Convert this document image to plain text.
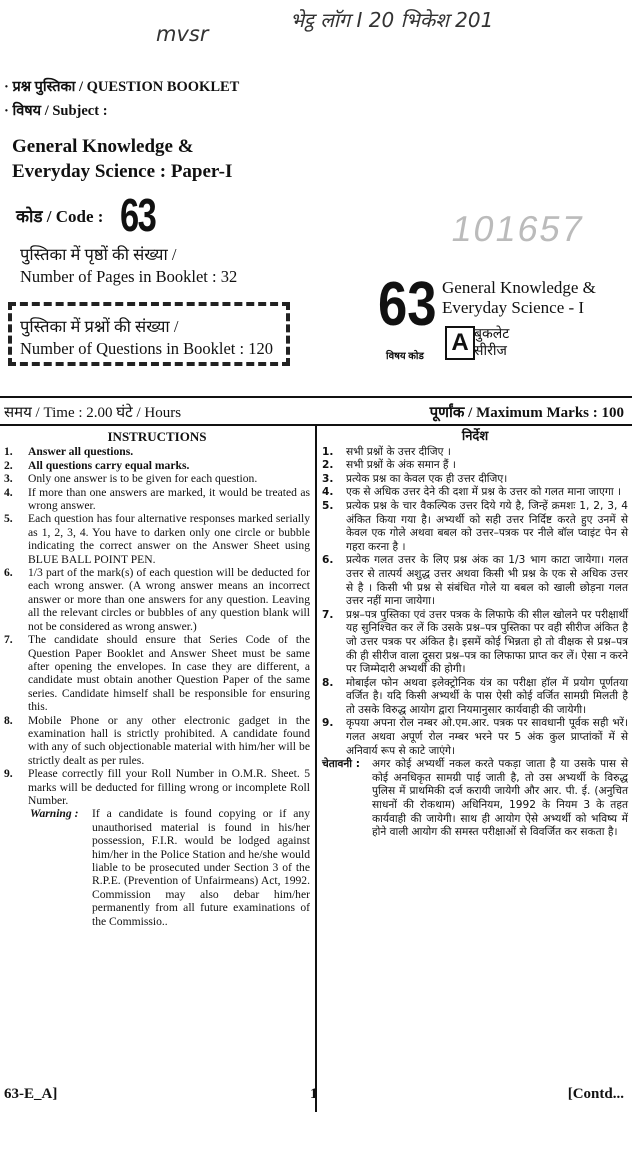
mvsr
भेट्ठ लाॅग I 20 भिकेश 201
· प्रश्न पुस्तिका / QUESTION BOOKLET
· विषय / Subject :
General Knowledge &
Everyday Science : Paper-I
कोड / Code : 63
पुस्तिका में पृष्ठों की संख्या /
Number of Pages in Booklet : 32
पुस्तिका में प्रश्नों की संख्या /
Number of Questions in Booklet : 120
101657
63 General Knowledge &
Everyday Science - I
विषय कोड
A बुकलेट
सीरीज
समय / Time : 2.00 घंटे / Hours	पूर्णांक / Maximum Marks : 100
INSTRUCTIONS
1.	Answer all questions.
2.	All questions carry equal marks.
3.	Only one answer is to be given for each question.
4.	If more than one answers are marked, it would be treated as wrong answer.
5.	Each question has four alternative responses marked serially as 1, 2, 3, 4. You have to darken only one circle or bubble indicating the correct answer on the Answer Sheet using BLUE BALL POINT PEN.
6.	1/3 part of the mark(s) of each question will be deducted for each wrong answer. (A wrong answer means an incorrect answer or more than one answers for any question. Leaving all the relevant circles or bubbles of any question blank will not be considered as wrong answer.)
7.	The candidate should ensure that Series Code of the Question Paper Booklet and Answer Sheet must be same after opening the envelopes. In case they are different, a candidate must obtain another Question Paper of the same series. Candidate himself shall be responsible for ensuring this.
8.	Mobile Phone or any other electronic gadget in the examination hall is strictly prohibited. A candidate found with any of such objectionable material with him/her will be strictly dealt as per rules.
9.	Please correctly fill your Roll Number in O.M.R. Sheet. 5 marks will be deducted for filling wrong or incomplete Roll Number.
Warning :	If a candidate is found copying or if any unauthorised material is found in his/her possession, F.I.R. would be lodged against him/her in the Police Station and he/she would liable to be prosecuted under Section 3 of the R.P.E. (Prevention of Unfairmeans) Act, 1992. Commission may also debar him/her permanently from all future examinations of the Commissio..
निर्देश
1.	सभी प्रश्नों के उत्तर दीजिए ।
2.	सभी प्रश्नों के अंक समान हैं ।
3.	प्रत्येक प्रश्न का केवल एक ही उत्तर दीजिए।
4.	एक से अधिक उत्तर देने की दशा में प्रश्न के उत्तर को गलत माना जाएगा ।
5.	प्रत्येक प्रश्न के चार वैकल्पिक उत्तर दिये गये है, जिन्हें क्रमशः 1, 2, 3, 4 अंकित किया गया है। अभ्यर्थी को सही उत्तर निर्दिष्ट करते हुए उनमें से केवल एक गोले अथवा बबल को उत्तर–पत्रक पर नीले बॉल प्वाइंट पेन से गहरा करना है ।
6.	प्रत्येक गलत उत्तर के लिए प्रश्न अंक का 1/3 भाग काटा जायेगा। गलत उत्तर से तात्पर्य अशुद्ध उत्तर अथवा किसी भी प्रश्न के एक से अधिक उत्तर से है । किसी भी प्रश्न से संबंधित गोले या बबल को खाली छोड़ना गलत उत्तर नहीं माना जायेगा।
7.	प्रश्न–पत्र पुस्तिका एवं उत्तर पत्रक के लिफाफे की सील खोलने पर परीक्षार्थी यह सुनिश्चित कर लें कि उसके प्रश्न–पत्र पुस्तिका पर वही सीरीज अंकित है जो उत्तर पत्रक पर अंकित है। इसमें कोई भिन्नता हो तो वीक्षक से प्रश्न–पत्र की ही सीरीज वाला दूसरा प्रश्न–पत्र का लिफाफा प्राप्त कर लें। ऐसा न करने पर जिम्मेदारी अभ्यर्थी की होगी।
8.	मोबाईल फोन अथवा इलेक्ट्रोनिक यंत्र का परीक्षा हॉल में प्रयोग पूर्णतया वर्जित है। यदि किसी अभ्यर्थी के पास ऐसी कोई वर्जित सामग्री मिलती है तो उसके विरुद्ध आयोग द्वारा नियमानुसार कार्यवाही की जायेगी।
9.	कृपया अपना रोल नम्बर ओ.एम.आर. पत्रक पर सावधानी पूर्वक सही भरें। गलत अथवा अपूर्ण रोल नम्बर भरने पर 5 अंक कुल प्राप्तांकों में से अनिवार्य रूप से काटे जाएंगे।
चेतावनी :	अगर कोई अभ्यर्थी नकल करते पकड़ा जाता है या उसके पास से कोई अनधिकृत सामग्री पाई जाती है, तो उस अभ्यर्थी के विरुद्ध पुलिस में प्राथमिकी दर्ज करायी जायेगी और आर. पी. ई. (अनुचित साधनों की रोकथाम) अधिनियम, 1992 के नियम 3 के तहत कार्यवाही की जायेगी। साथ ही आयोग ऐसे अभ्यर्थी को भविष्य में होने वाली आयोग की समस्त परीक्षाओं से विवर्जित कर सकता है।
63-E_A]	1	[Contd...
